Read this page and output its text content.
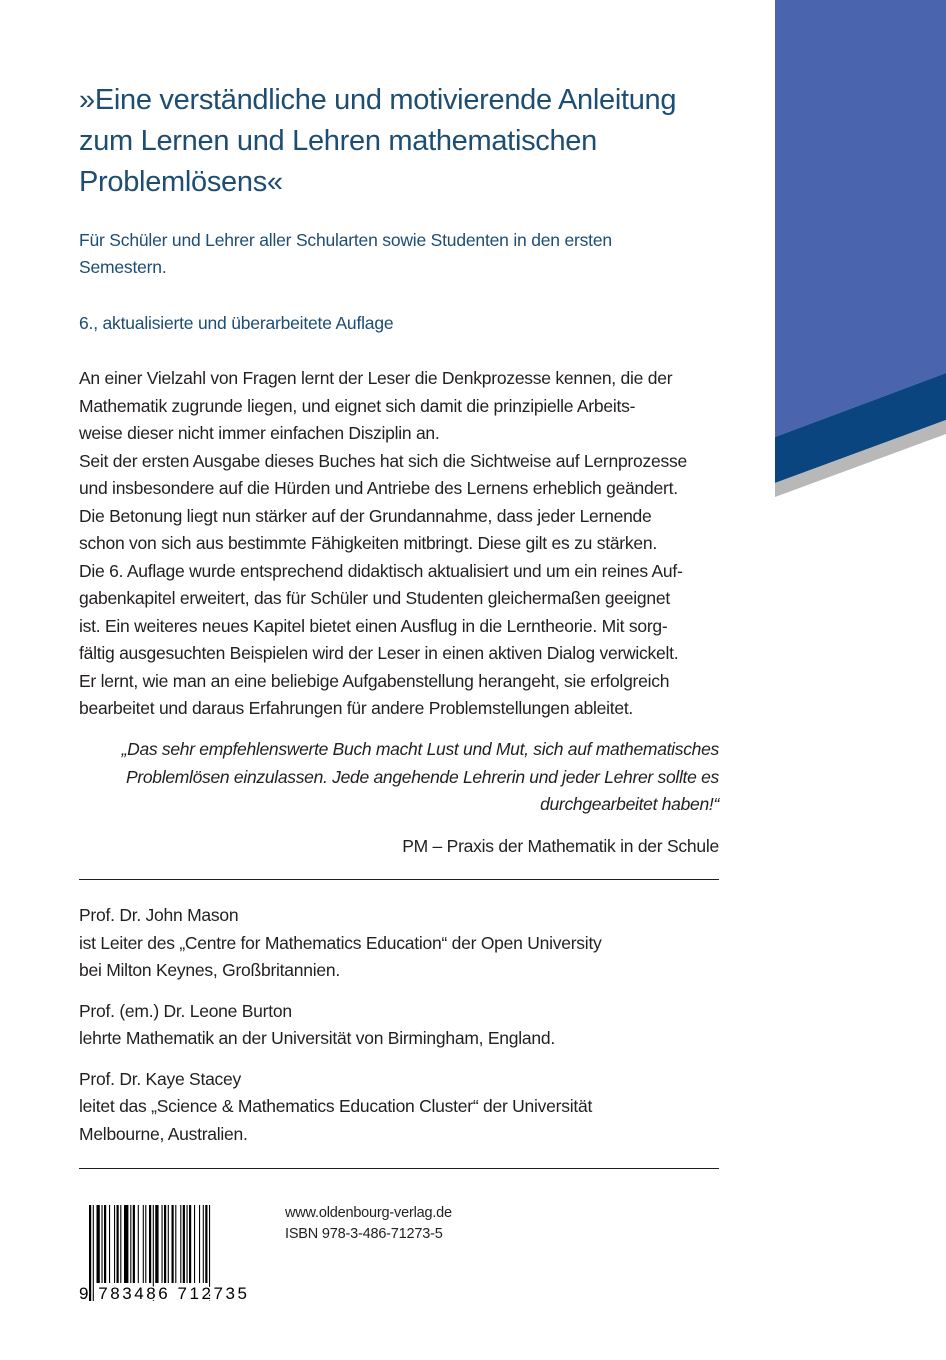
»Eine verständliche und motivierende Anleitung
zum Lernen und Lehren mathematischen
Problemlösens«
Für Schüler und Lehrer aller Schularten sowie Studenten in den ersten
Semestern.
6., aktualisierte und überarbeitete Auflage
An einer Vielzahl von Fragen lernt der Leser die Denkprozesse kennen, die der
Mathematik zugrunde liegen, und eignet sich damit die prinzipielle Arbeits-
weise dieser nicht immer einfachen Disziplin an.
Seit der ersten Ausgabe dieses Buches hat sich die Sichtweise auf Lernprozesse
und insbesondere auf die Hürden und Antriebe des Lernens erheblich geändert.
Die Betonung liegt nun stärker auf der Grundannahme, dass jeder Lernende
schon von sich aus bestimmte Fähigkeiten mitbringt. Diese gilt es zu stärken.
Die 6. Auflage wurde entsprechend didaktisch aktualisiert und um ein reines Auf-
gabenkapitel erweitert, das für Schüler und Studenten gleichermaßen geeignet
ist. Ein weiteres neues Kapitel bietet einen Ausflug in die Lerntheorie. Mit sorg-
fältig ausgesuchten Beispielen wird der Leser in einen aktiven Dialog verwickelt.
Er lernt, wie man an eine beliebige Aufgabenstellung herangeht, sie erfolgreich
bearbeitet und daraus Erfahrungen für andere Problemstellungen ableitet.
„Das sehr empfehlenswerte Buch macht Lust und Mut, sich auf mathematisches
Problemlösen einzulassen. Jede angehende Lehrerin und jeder Lehrer sollte es
durchgearbeitet haben!“
PM – Praxis der Mathematik in der Schule
Prof. Dr. John Mason
ist Leiter des „Centre for Mathematics Education“ der Open University
bei Milton Keynes, Großbritannien.
Prof. (em.) Dr. Leone Burton
lehrte Mathematik an der Universität von Birmingham, England.
Prof. Dr. Kaye Stacey
leitet das „Science & Mathematics Education Cluster“ der Universität
Melbourne, Australien.
9 783486 712735
www.oldenbourg-verlag.de
ISBN 978-3-486-71273-5
